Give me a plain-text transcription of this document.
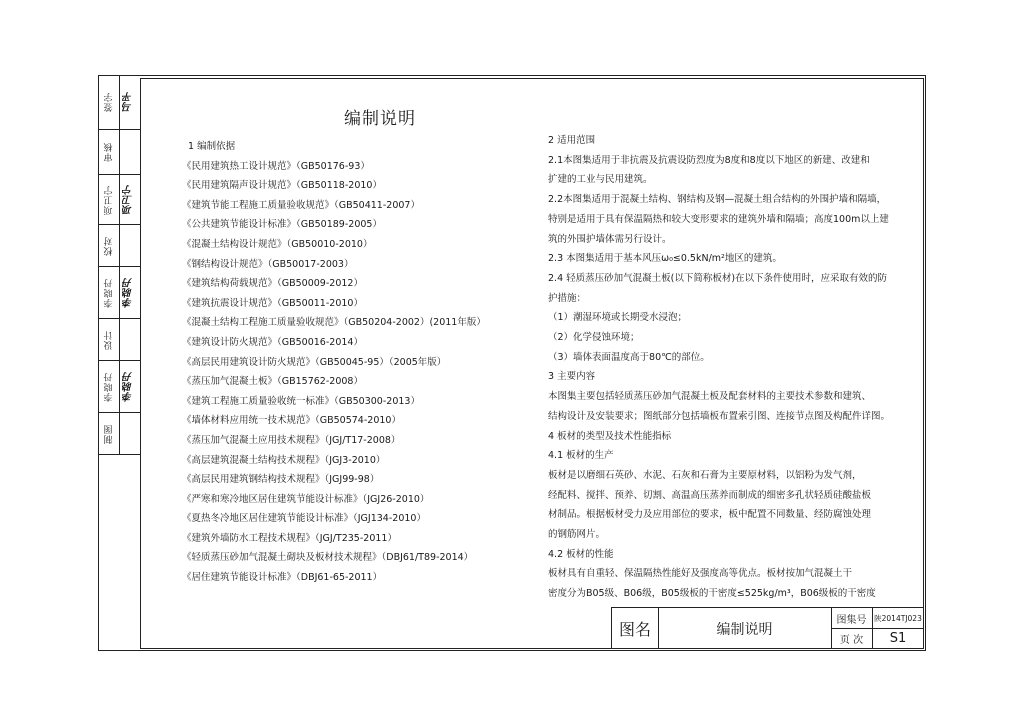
签字 马平
审核
项卫宁 项卫宁
校对
李晓丹 李晓丹
设计
李晓丹 李晓丹
制图
编制说明
1 编制依据
《民用建筑热工设计规范》（GB50176-93）
《民用建筑隔声设计规范》（GB50118-2010）
《建筑节能工程施工质量验收规范》（GB50411-2007）
《公共建筑节能设计标准》（GB50189-2005）
《混凝土结构设计规范》（GB50010-2010）
《钢结构设计规范》（GB50017-2003）
《建筑结构荷载规范》（GB50009-2012）
《建筑抗震设计规范》（GB50011-2010）
《混凝土结构工程施工质量验收规范》（GB50204-2002）(2011年版）
《建筑设计防火规范》（GB50016-2014）
《高层民用建筑设计防火规范》（GB50045-95）（2005年版）
《蒸压加气混凝土板》（GB15762-2008）
《建筑工程施工质量验收统一标准》（GB50300-2013）
《墙体材料应用统一技术规范》（GB50574-2010）
《蒸压加气混凝土应用技术规程》（JGJ/T17-2008）
《高层建筑混凝土结构技术规程》（JGJ3-2010）
《高层民用建筑钢结构技术规程》（JGJ99-98）
《严寒和寒冷地区居住建筑节能设计标准》（JGJ26-2010）
《夏热冬冷地区居住建筑节能设计标准》（JGJ134-2010）
《建筑外墙防水工程技术规程》（JGJ/T235-2011）
《轻质蒸压砂加气混凝土砌块及板材技术规程》（DBJ61/T89-2014）
《居住建筑节能设计标准》（DBJ61-65-2011）
2 适用范围
2.1本图集适用于非抗震及抗震设防烈度为8度和8度以下地区的新建、改建和
扩建的工业与民用建筑。
2.2本图集适用于混凝土结构、钢结构及钢—混凝土组合结构的外围护墙和隔墙，
特别是适用于具有保温隔热和较大变形要求的建筑外墙和隔墙；高度100m以上建
筑的外围护墙体需另行设计。
2.3 本图集适用于基本风压ω₀≤0.5kN/m²地区的建筑。
2.4 轻质蒸压砂加气混凝土板(以下简称板材)在以下条件使用时，应采取有效的防
护措施：
（1）潮湿环境或长期受水浸泡；
（2）化学侵蚀环境；
（3）墙体表面温度高于80℃的部位。
3 主要内容
本图集主要包括轻质蒸压砂加气混凝土板及配套材料的主要技术参数和建筑、
结构设计及安装要求；图纸部分包括墙板布置索引图、连接节点图及构配件详图。
4 板材的类型及技术性能指标
4.1 板材的生产
板材是以磨细石英砂、水泥、石灰和石膏为主要原材料，以铝粉为发气剂，
经配料、搅拌、预养、切割、高温高压蒸养而制成的细密多孔状轻质硅酸盐板
材制品。根据板材受力及应用部位的要求，板中配置不同数量、经防腐蚀处理
的钢筋网片。
4.2 板材的性能
板材具有自重轻、保温隔热性能好及强度高等优点。板材按加气混凝土干
密度分为B05级、B06级，B05级板的干密度≤525kg/m³，B06级板的干密度
图名	编制说明
图集号	陕2014TJ023
页 次	S1
